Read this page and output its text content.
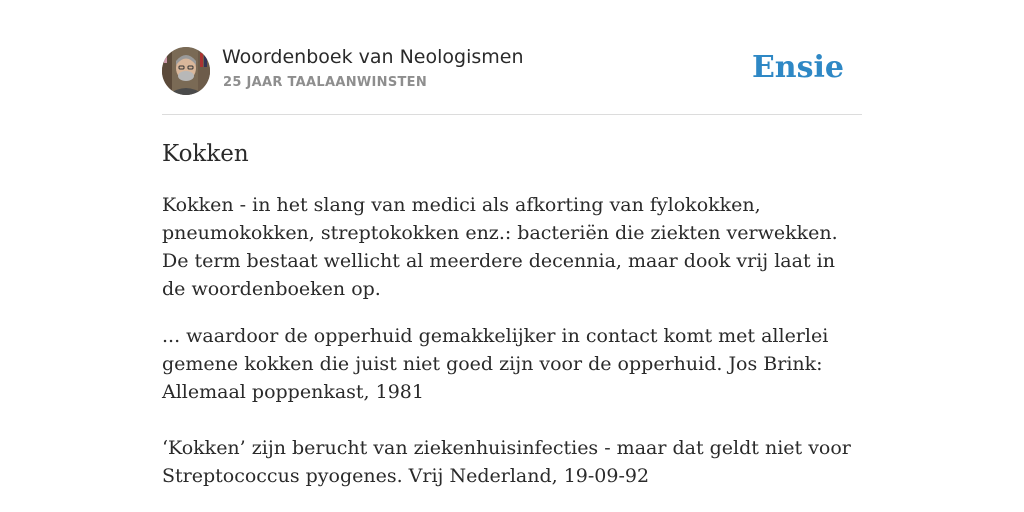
Woordenboek van Neologismen
25 JAAR TAALAANWINSTEN	Ensie
Kokken

Kokken - in het slang van medici als afkorting van fylokokken, pneumokokken, streptokokken enz.: bacteriën die ziekten verwekken. De term bestaat wellicht al meerdere decennia, maar dook vrij laat in de woordenboeken op.

... waardoor de opperhuid gemakkelijker in contact komt met allerlei gemene kokken die juist niet goed zijn voor de opperhuid. Jos Brink: Allemaal poppenkast, 1981

‘Kokken’ zijn berucht van ziekenhuisinfecties - maar dat geldt niet voor Streptococcus pyogenes. Vrij Nederland, 19-09-92
